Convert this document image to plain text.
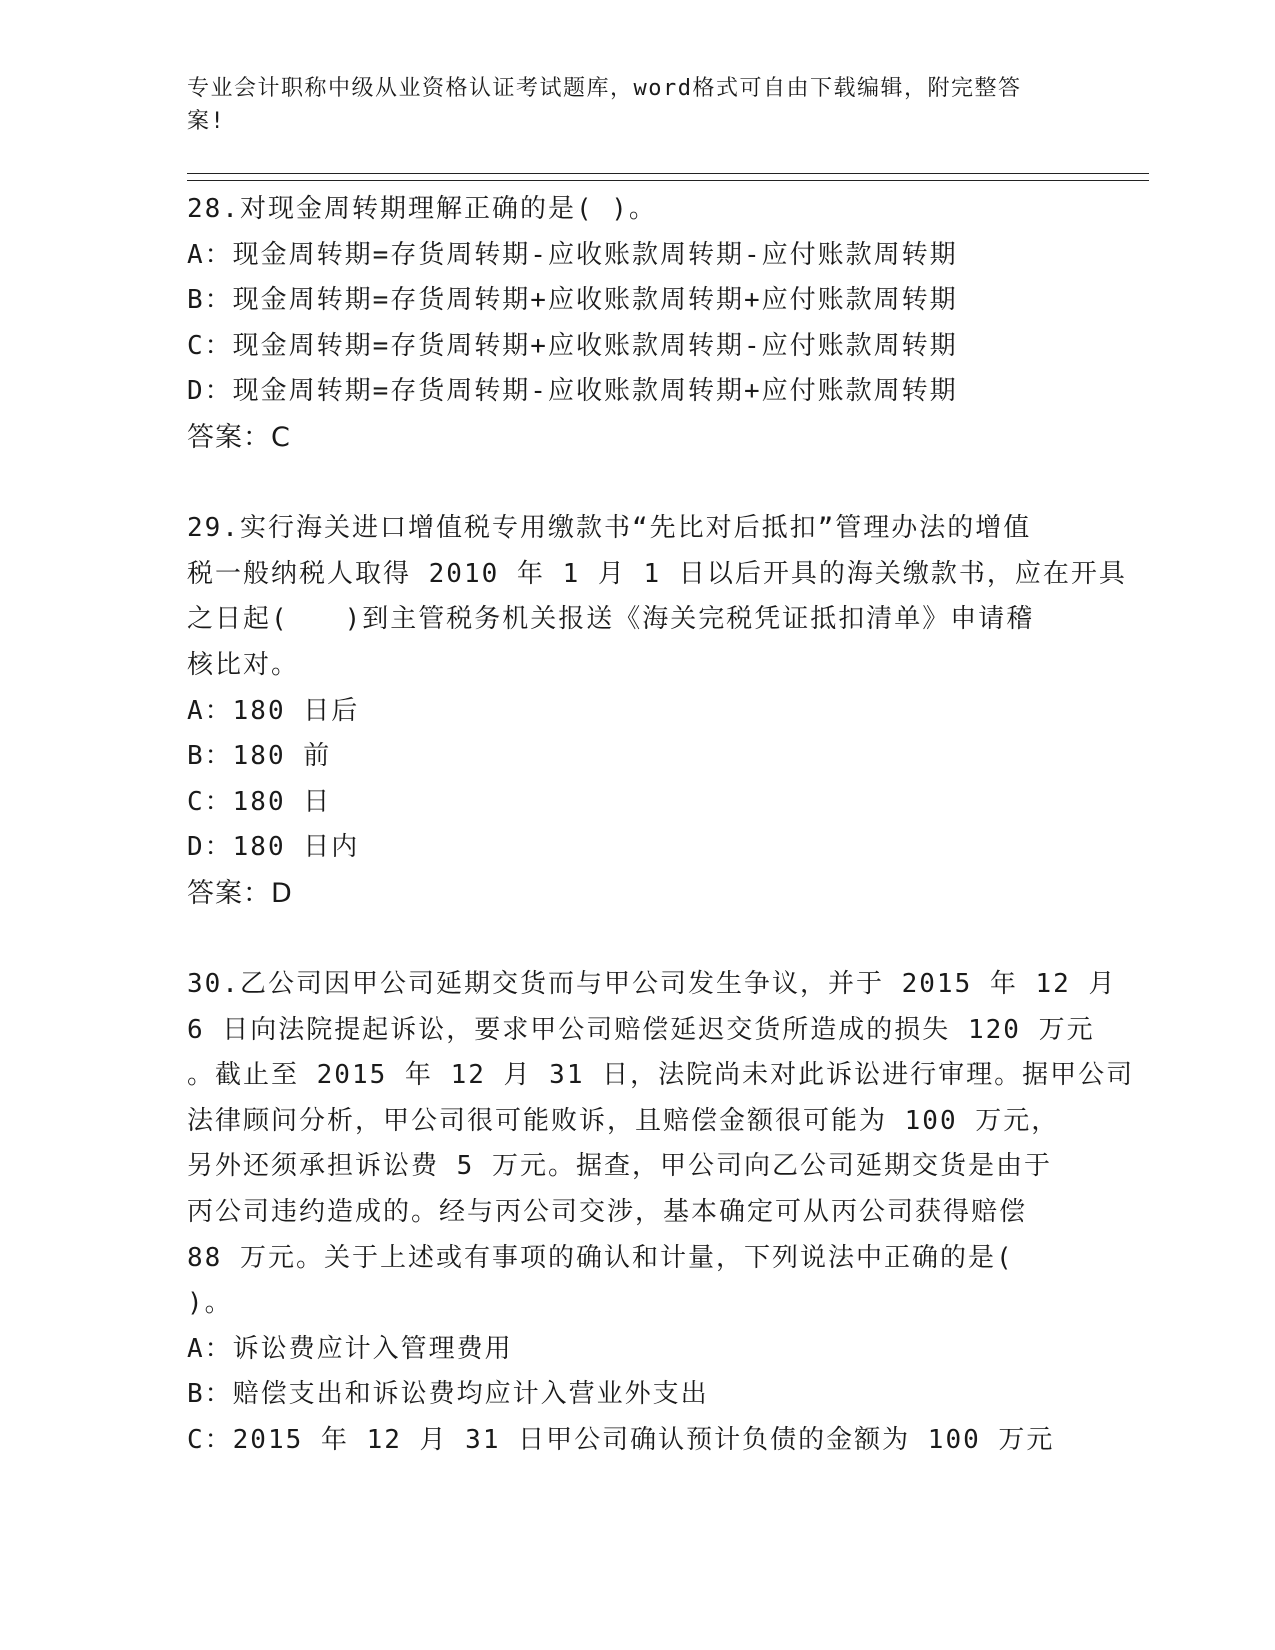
专业会计职称中级从业资格认证考试题库，word格式可自由下载编辑，附完整答
案!
28.对现金周转期理解正确的是( )。
A：现金周转期=存货周转期-应收账款周转期-应付账款周转期
B：现金周转期=存货周转期+应收账款周转期+应付账款周转期
C：现金周转期=存货周转期+应收账款周转期-应付账款周转期
D：现金周转期=存货周转期-应收账款周转期+应付账款周转期
答案：C
29.实行海关进口增值税专用缴款书“先比对后抵扣”管理办法的增值
税一般纳税人取得 2010 年 1 月 1 日以后开具的海关缴款书，应在开具
之日起(　　)到主管税务机关报送《海关完税凭证抵扣清单》申请稽
核比对。
A：180 日后
B：180 前
C：180 日
D：180 日内
答案：D
30.乙公司因甲公司延期交货而与甲公司发生争议，并于 2015 年 12 月
6 日向法院提起诉讼，要求甲公司赔偿延迟交货所造成的损失 120 万元
。截止至 2015 年 12 月 31 日，法院尚未对此诉讼进行审理。据甲公司
法律顾问分析，甲公司很可能败诉，且赔偿金额很可能为 100 万元，
另外还须承担诉讼费 5 万元。据查，甲公司向乙公司延期交货是由于
丙公司违约造成的。经与丙公司交涉，基本确定可从丙公司获得赔偿
88 万元。关于上述或有事项的确认和计量，下列说法中正确的是(
)。
A：诉讼费应计入管理费用
B：赔偿支出和诉讼费均应计入营业外支出
C：2015 年 12 月 31 日甲公司确认预计负债的金额为 100 万元
